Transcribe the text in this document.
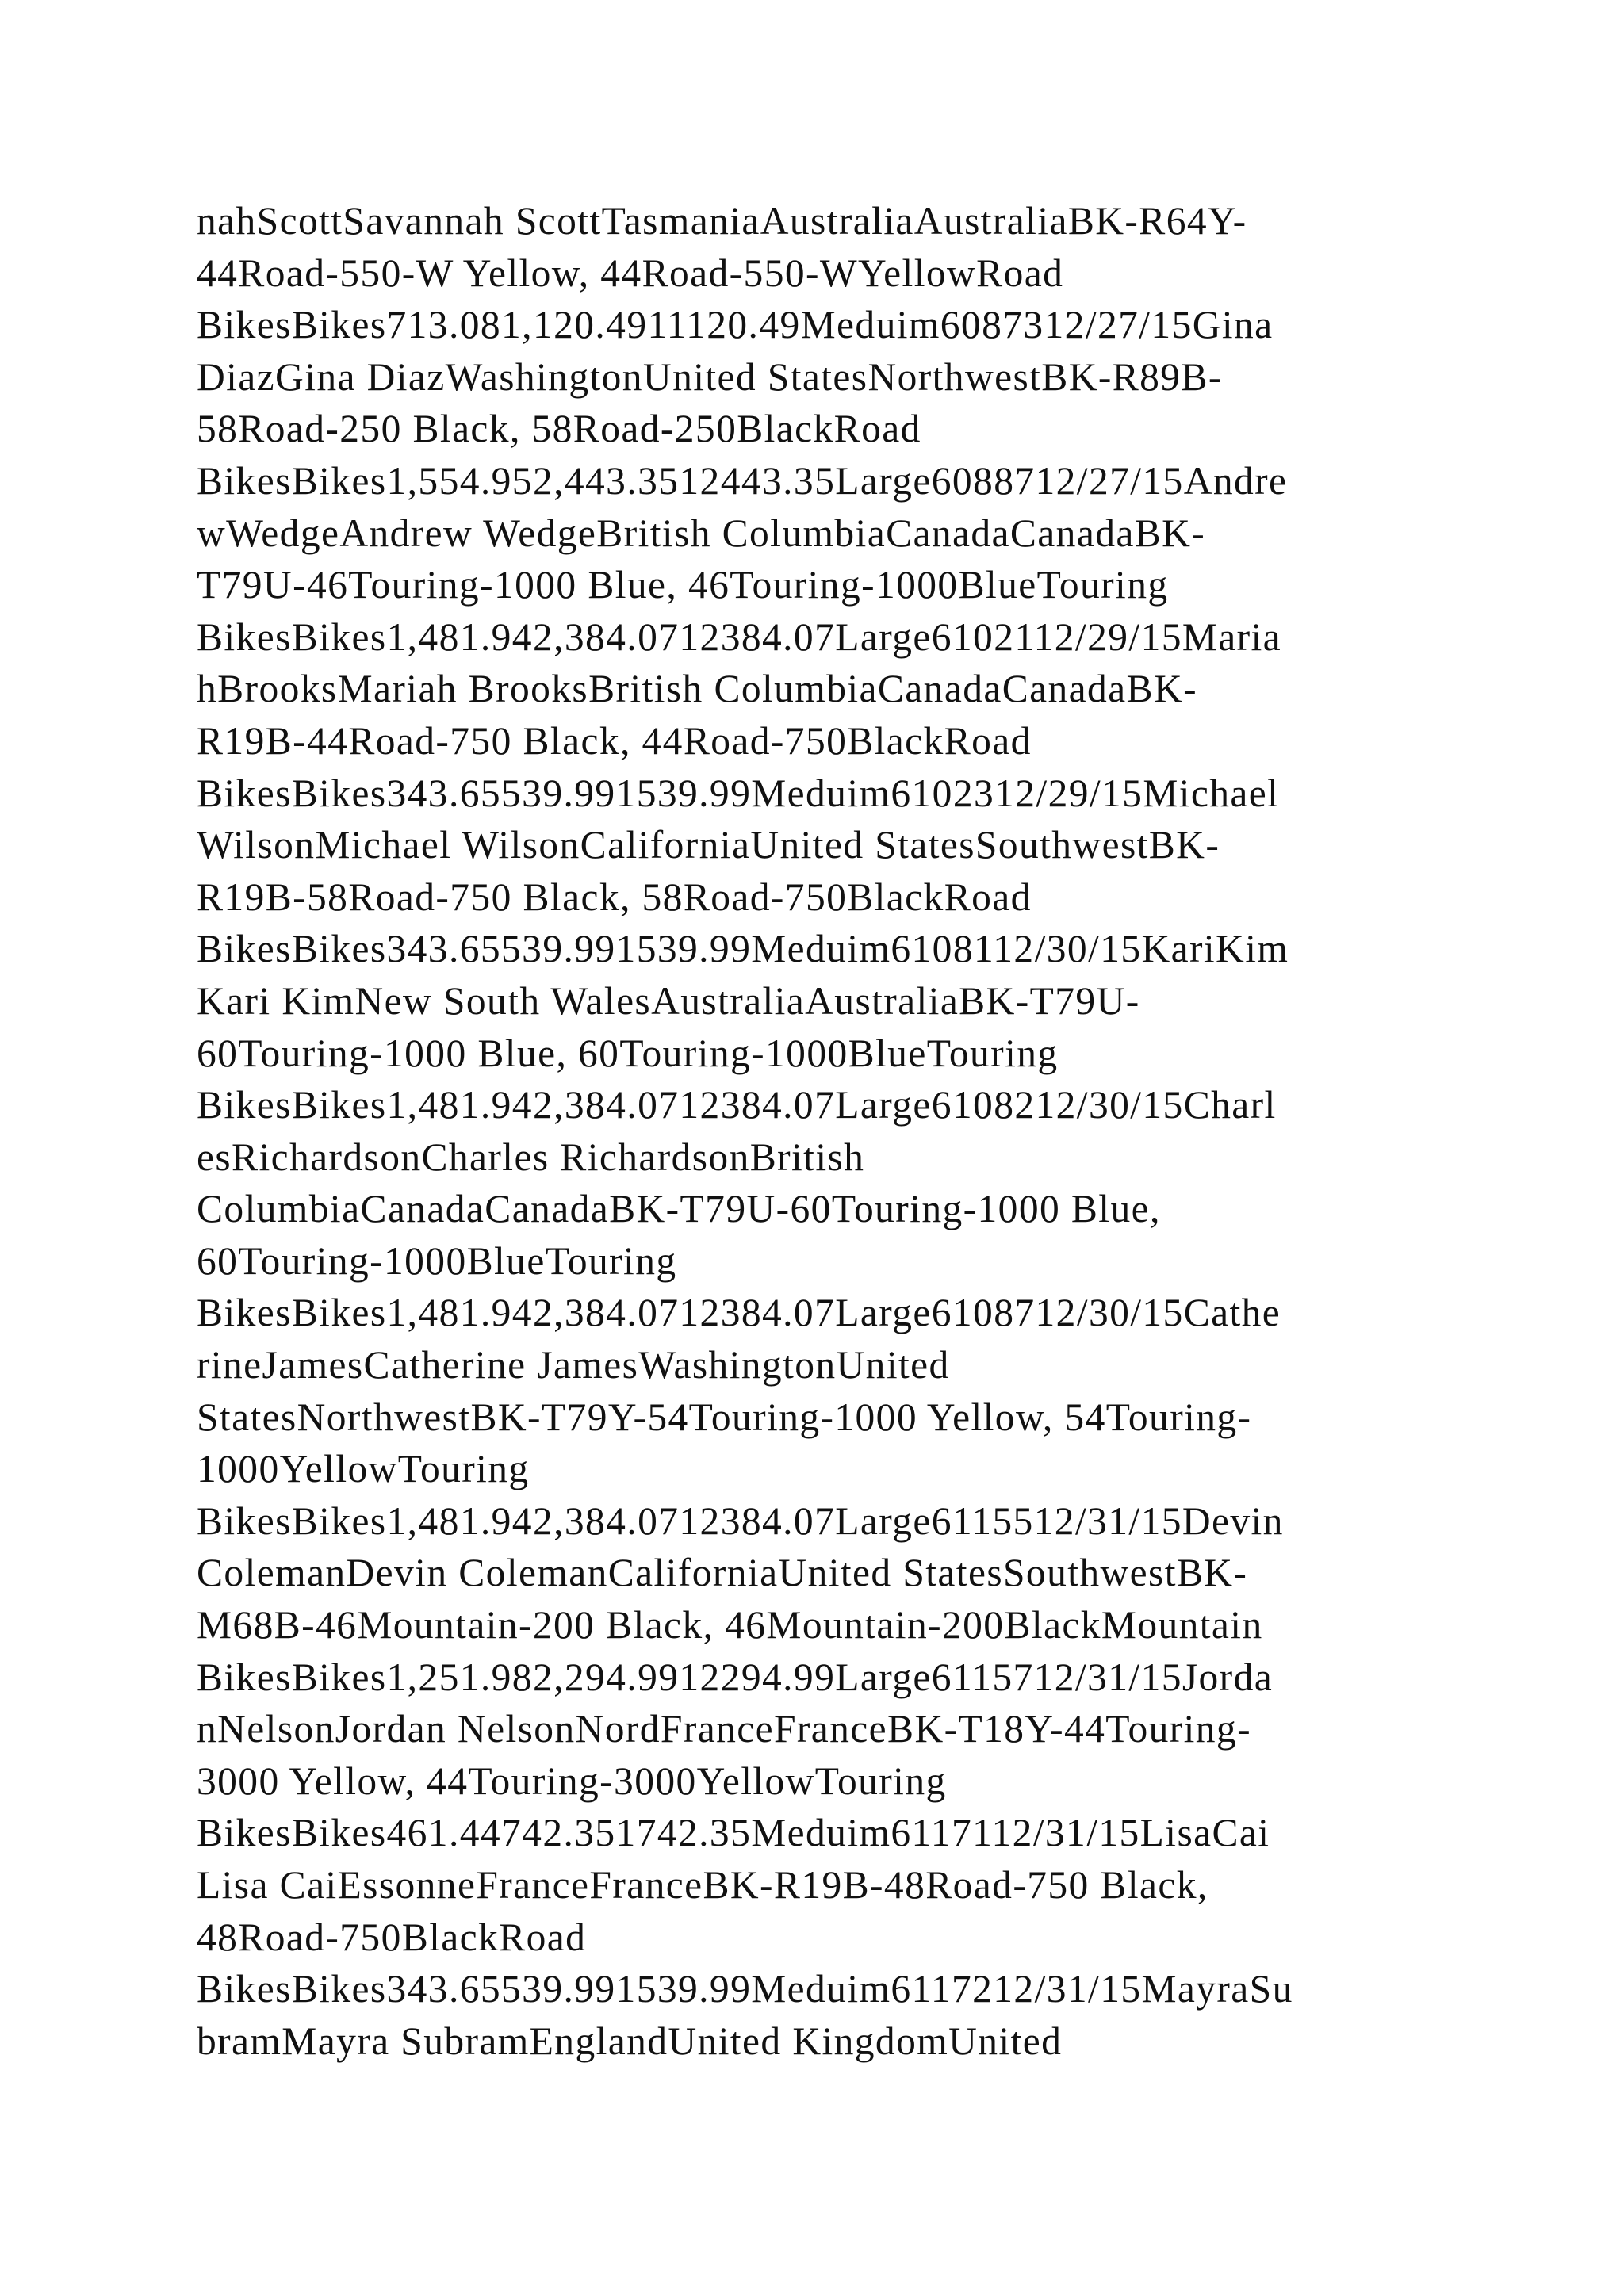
nahScottSavannah ScottTasmaniaAustraliaAustraliaBK-R64Y-
44Road-550-W Yellow, 44Road-550-WYellowRoad
BikesBikes713.081,120.4911120.49Meduim6087312/27/15Gina
DiazGina DiazWashingtonUnited StatesNorthwestBK-R89B-
58Road-250 Black, 58Road-250BlackRoad
BikesBikes1,554.952,443.3512443.35Large6088712/27/15Andre
wWedgeAndrew WedgeBritish ColumbiaCanadaCanadaBK-
T79U-46Touring-1000 Blue, 46Touring-1000BlueTouring
BikesBikes1,481.942,384.0712384.07Large6102112/29/15Maria
hBrooksMariah BrooksBritish ColumbiaCanadaCanadaBK-
R19B-44Road-750 Black, 44Road-750BlackRoad
BikesBikes343.65539.991539.99Meduim6102312/29/15Michael
WilsonMichael WilsonCaliforniaUnited StatesSouthwestBK-
R19B-58Road-750 Black, 58Road-750BlackRoad
BikesBikes343.65539.991539.99Meduim6108112/30/15KariKim
Kari KimNew South WalesAustraliaAustraliaBK-T79U-
60Touring-1000 Blue, 60Touring-1000BlueTouring
BikesBikes1,481.942,384.0712384.07Large6108212/30/15Charl
esRichardsonCharles RichardsonBritish
ColumbiaCanadaCanadaBK-T79U-60Touring-1000 Blue,
60Touring-1000BlueTouring
BikesBikes1,481.942,384.0712384.07Large6108712/30/15Cathe
rineJamesCatherine JamesWashingtonUnited
StatesNorthwestBK-T79Y-54Touring-1000 Yellow, 54Touring-
1000YellowTouring
BikesBikes1,481.942,384.0712384.07Large6115512/31/15Devin
ColemanDevin ColemanCaliforniaUnited StatesSouthwestBK-
M68B-46Mountain-200 Black, 46Mountain-200BlackMountain
BikesBikes1,251.982,294.9912294.99Large6115712/31/15Jorda
nNelsonJordan NelsonNordFranceFranceBK-T18Y-44Touring-
3000 Yellow, 44Touring-3000YellowTouring
BikesBikes461.44742.351742.35Meduim6117112/31/15LisaCai
Lisa CaiEssonneFranceFranceBK-R19B-48Road-750 Black,
48Road-750BlackRoad
BikesBikes343.65539.991539.99Meduim6117212/31/15MayraSu
bramMayra SubramEnglandUnited KingdomUnited
